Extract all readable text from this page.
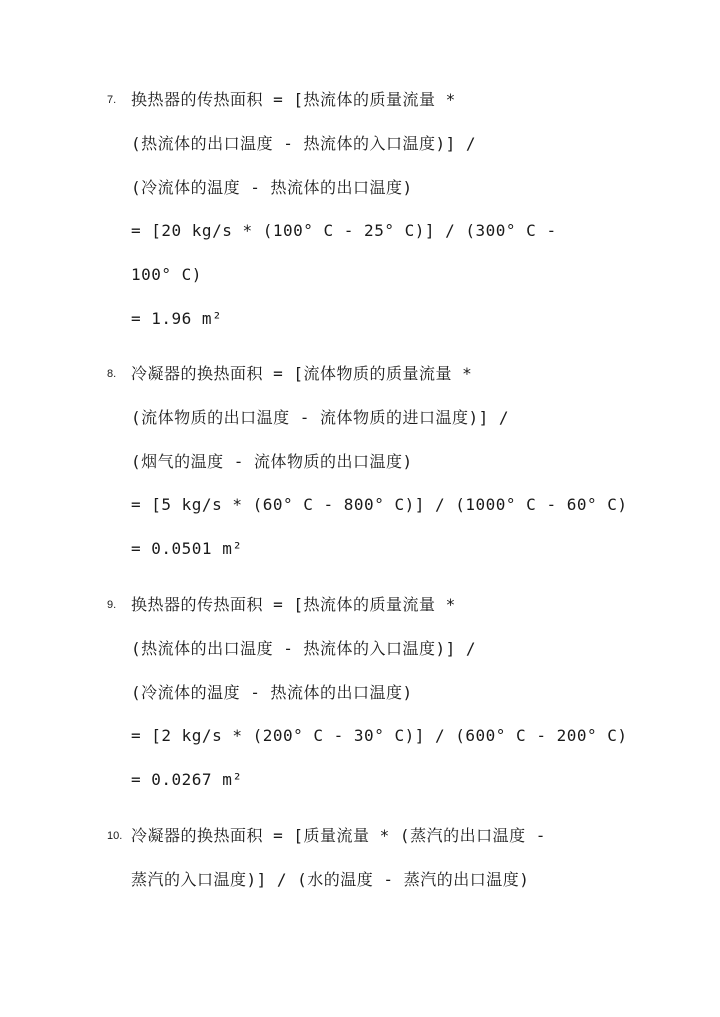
7. 换热器的传热面积 = [热流体的质量流量 *
(热流体的出口温度 - 热流体的入口温度)] /
(冷流体的温度 - 热流体的出口温度)
= [20 kg/s * (100° C - 25° C)] / (300° C -
100° C)
= 1.96 m²
8. 冷凝器的换热面积 = [流体物质的质量流量 *
(流体物质的出口温度 - 流体物质的进口温度)] /
(烟气的温度 - 流体物质的出口温度)
= [5 kg/s * (60° C - 800° C)] / (1000° C - 60° C)
= 0.0501 m²
9. 换热器的传热面积 = [热流体的质量流量 *
(热流体的出口温度 - 热流体的入口温度)] /
(冷流体的温度 - 热流体的出口温度)
= [2 kg/s * (200° C - 30° C)] / (600° C - 200° C)
= 0.0267 m²
10. 冷凝器的换热面积 = [质量流量 * (蒸汽的出口温度 -
蒸汽的入口温度)] / (水的温度 - 蒸汽的出口温度)
